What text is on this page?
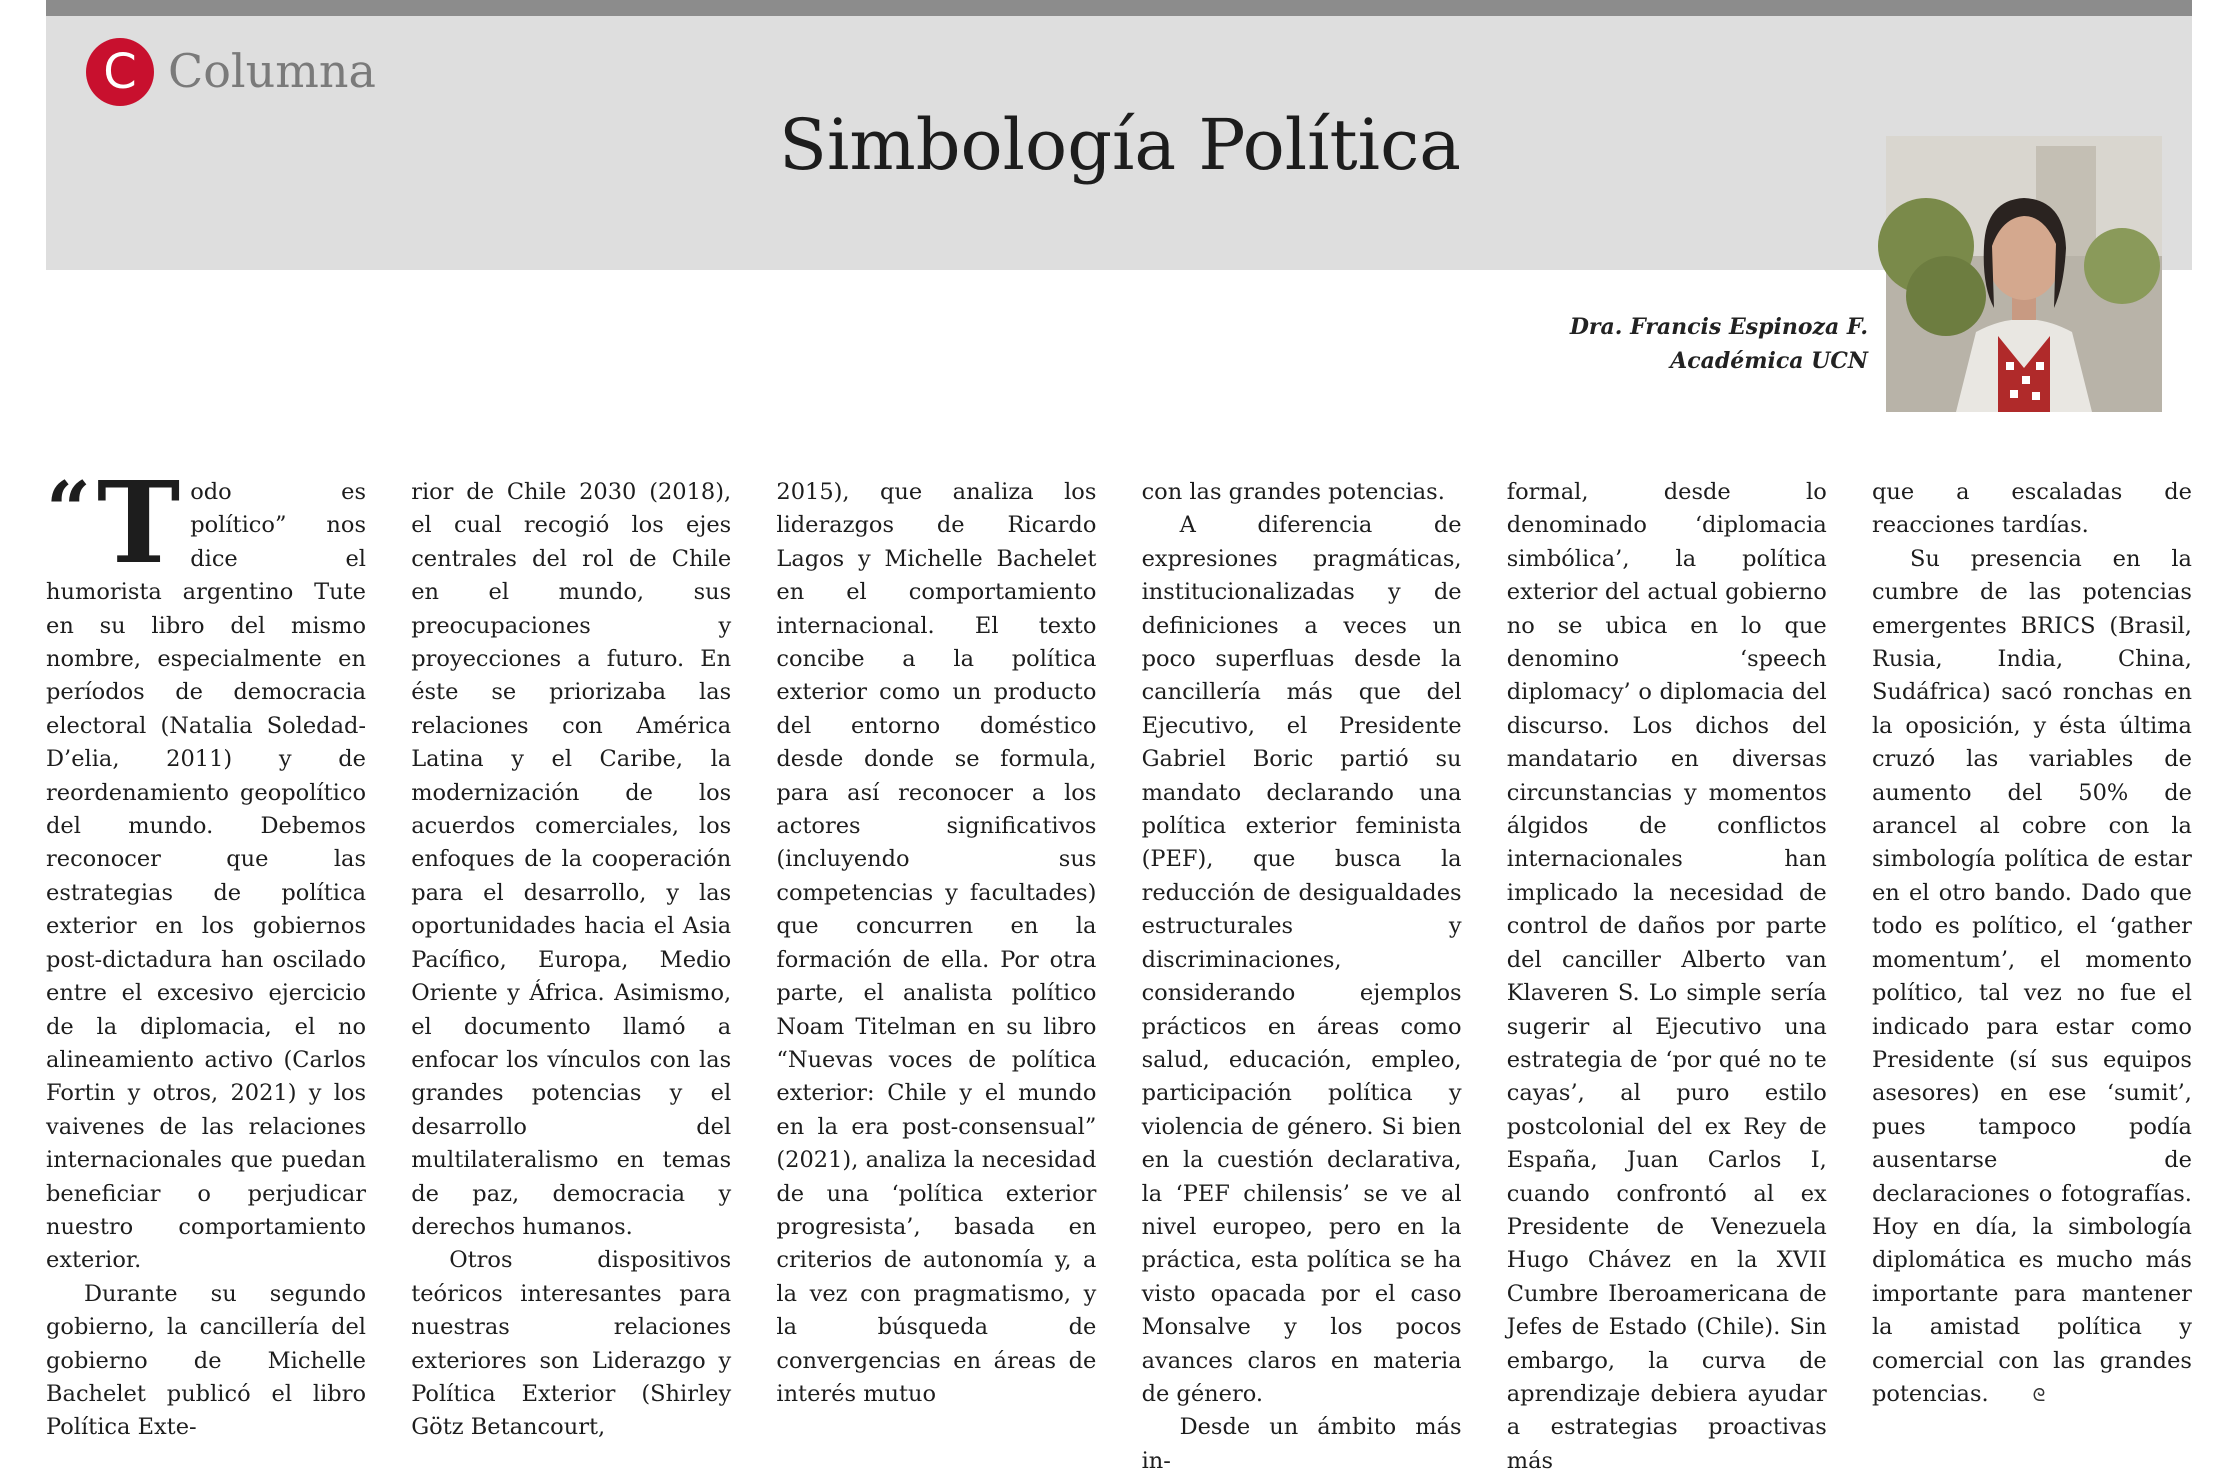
C Columna
Simbología Política
Dra. Francis Espinoza F.
Académica UCN

“ T odo es político” nos dice el humorista argentino Tute en su libro del mismo nombre, especialmente en períodos de democracia electoral (Natalia Soledad-D’elia, 2011) y de reordenamiento geopolítico del mundo. Debemos reconocer que las estrategias de política exterior en los gobiernos post-dictadura han oscilado entre el excesivo ejercicio de la diplomacia, el no alineamiento activo (Carlos Fortin y otros, 2021) y los vaivenes de las relaciones internacionales que puedan beneficiar o perjudicar nuestro comportamiento exterior.

Durante su segundo gobierno, la cancillería del gobierno de Michelle Bachelet publicó el libro Política Exte-

rior de Chile 2030 (2018), el cual recogió los ejes centrales del rol de Chile en el mundo, sus preocupaciones y proyecciones a futuro. En éste se priorizaba las relaciones con América Latina y el Caribe, la modernización de los acuerdos comerciales, los enfoques de la cooperación para el desarrollo, y las oportunidades hacia el Asia Pacífico, Europa, Medio Oriente y África. Asimismo, el documento llamó a enfocar los vínculos con las grandes potencias y el desarrollo del multilateralismo en temas de paz, democracia y derechos humanos.

Otros dispositivos teóricos interesantes para nuestras relaciones exteriores son Liderazgo y Política Exterior (Shirley Götz Betancourt,

2015), que analiza los liderazgos de Ricardo Lagos y Michelle Bachelet en el comportamiento internacional. El texto concibe a la política exterior como un producto del entorno doméstico desde donde se formula, para así reconocer a los actores significativos (incluyendo sus competencias y facultades) que concurren en la formación de ella. Por otra parte, el analista político Noam Titelman en su libro “Nuevas voces de política exterior: Chile y el mundo en la era post-consensual” (2021), analiza la necesidad de una ‘política exterior progresista’, basada en criterios de autonomía y, a la vez con pragmatismo, y la búsqueda de convergencias en áreas de interés mutuo

con las grandes potencias.

A diferencia de expresiones pragmáticas, institucionalizadas y de definiciones a veces un poco superfluas desde la cancillería más que del Ejecutivo, el Presidente Gabriel Boric partió su mandato declarando una política exterior feminista (PEF), que busca la reducción de desigualdades estructurales y discriminaciones, considerando ejemplos prácticos en áreas como salud, educación, empleo, participación política y violencia de género. Si bien en la cuestión declarativa, la ‘PEF chilensis’ se ve al nivel europeo, pero en la práctica, esta política se ha visto opacada por el caso Monsalve y los pocos avances claros en materia de género.

Desde un ámbito más in-

formal, desde lo denominado ‘diplomacia simbólica’, la política exterior del actual gobierno no se ubica en lo que denomino ‘speech diplomacy’ o diplomacia del discurso. Los dichos del mandatario en diversas circunstancias y momentos álgidos de conflictos internacionales han implicado la necesidad de control de daños por parte del canciller Alberto van Klaveren S. Lo simple sería sugerir al Ejecutivo una estrategia de ‘por qué no te cayas’, al puro estilo postcolonial del ex Rey de España, Juan Carlos I, cuando confrontó al ex Presidente de Venezuela Hugo Chávez en la XVII Cumbre Iberoamericana de Jefes de Estado (Chile). Sin embargo, la curva de aprendizaje debiera ayudar a estrategias proactivas más

que a escaladas de reacciones tardías.

Su presencia en la cumbre de las potencias emergentes BRICS (Brasil, Rusia, India, China, Sudáfrica) sacó ronchas en la oposición, y ésta última cruzó las variables de aumento del 50% de arancel al cobre con la simbología política de estar en el otro bando. Dado que todo es político, el ‘gather momentum’, el momento político, tal vez no fue el indicado para estar como Presidente (sí sus equipos asesores) en ese ‘sumit’, pues tampoco podía ausentarse de declaraciones o fotografías. Hoy en día, la simbología diplomática es mucho más importante para mantener la amistad política y comercial con las grandes potencias. ᘓ
